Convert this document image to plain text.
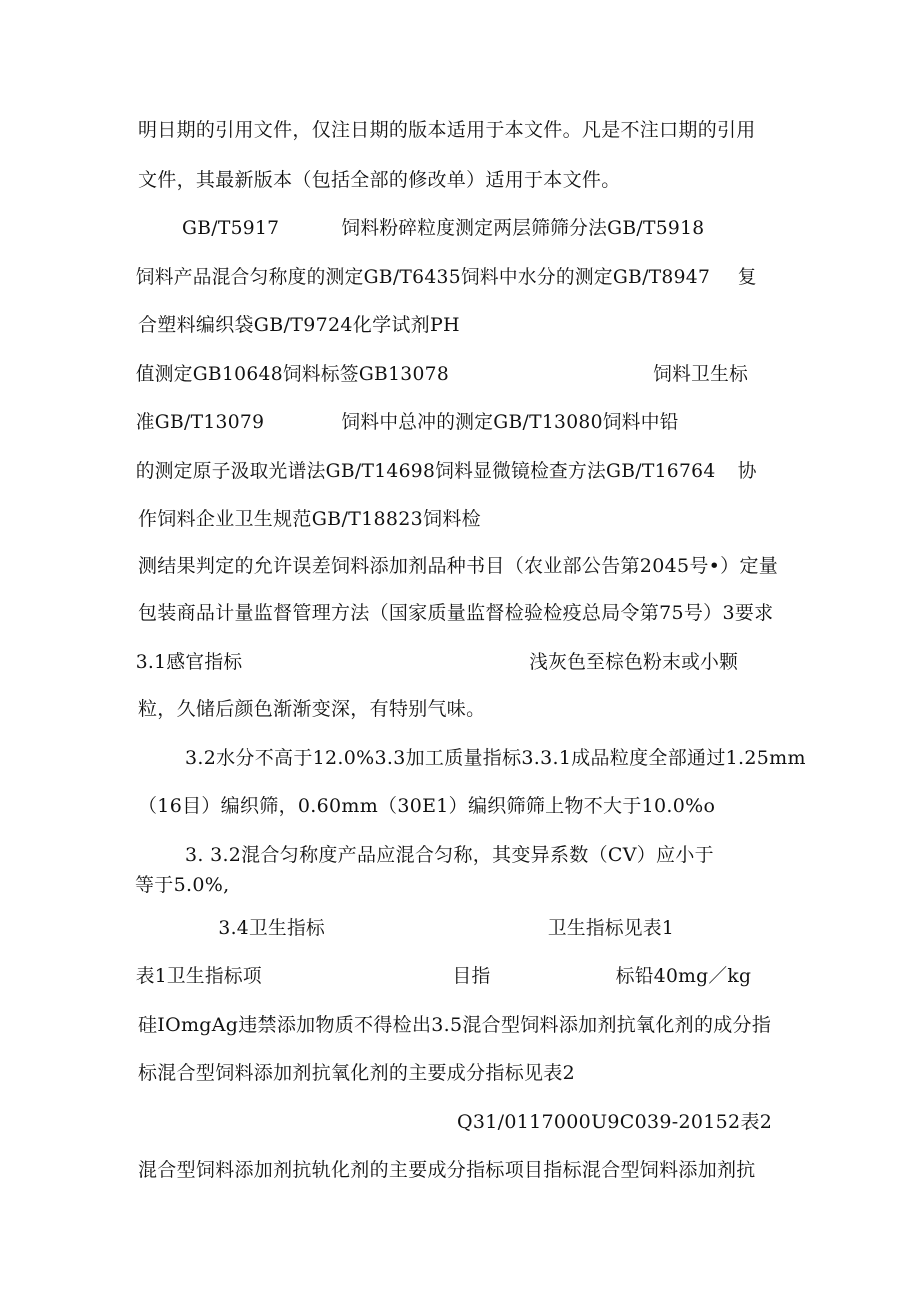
明日期的引用文件，仅注日期的版本适用于本文件。凡是不注口期的引用
文件，其最新版本（包括全部的修改单）适用于本文件。
GB/T5917	饲料粉碎粒度测定两层筛筛分法GB/T5918
饲料产品混合匀称度的测定GB/T6435饲料中水分的测定GB/T8947 复
合塑料编织袋GB/T9724化学试剂PH
值测定GB10648饲料标签GB13078	饲料卫生标
准GB/T13079	饲料中总冲的测定GB/T13080饲料中铅
的测定原子汲取光谱法GB/T14698饲料显微镜检查方法GB/T16764 协
作饲料企业卫生规范GB/T18823饲料检
测结果判定的允许误差饲料添加剂品种书目（农业部公告第2045号•）定量
包装商品计量监督管理方法（国家质量监督检验检疫总局令第75号）3要求
3.1感官指标	浅灰色至棕色粉末或小颗
粒，久储后颜色渐渐变深，有特别气味。
3.2水分不高于12.0%3.3加工质量指标3.3.1成品粒度全部通过1.25mm
（16目）编织筛，0.60mm（30E1）编织筛筛上物不大于10.0%o
3. 3.2混合匀称度产品应混合匀称，其变异系数（CV）应小于
等于5.0%,
3.4卫生指标	卫生指标见表1
表1卫生指标项	目指	标铅40mg／kg
硅IOmgAg违禁添加物质不得检出3.5混合型饲料添加剂抗氧化剂的成分指
标混合型饲料添加剂抗氧化剂的主要成分指标见表2
Q31/0117000U9C039-20152表2
混合型饲料添加剂抗轨化剂的主要成分指标项目指标混合型饲料添加剂抗
